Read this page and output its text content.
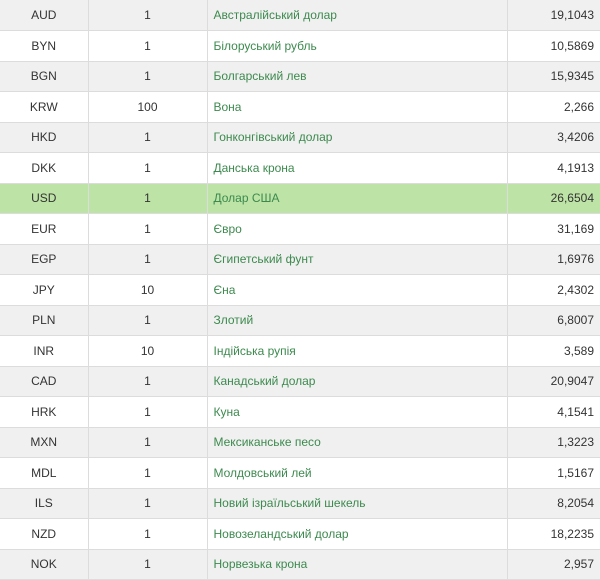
AUD	1	Австралійський долар	19,1043
BYN	1	Білоруський рубль	10,5869
BGN	1	Болгарський лев	15,9345
KRW	100	Вона	2,266
HKD	1	Гонконгівський долар	3,4206
DKK	1	Данська крона	4,1913
USD	1	Долар США	26,6504
EUR	1	Євро	31,169
EGP	1	Єгипетський фунт	1,6976
JPY	10	Єна	2,4302
PLN	1	Злотий	6,8007
INR	10	Індійська рупія	3,589
CAD	1	Канадський долар	20,9047
HRK	1	Куна	4,1541
MXN	1	Мексиканське песо	1,3223
MDL	1	Молдовський лей	1,5167
ILS	1	Новий ізраїльський шекель	8,2054
NZD	1	Новозеландський долар	18,2235
NOK	1	Норвезька крона	2,957
